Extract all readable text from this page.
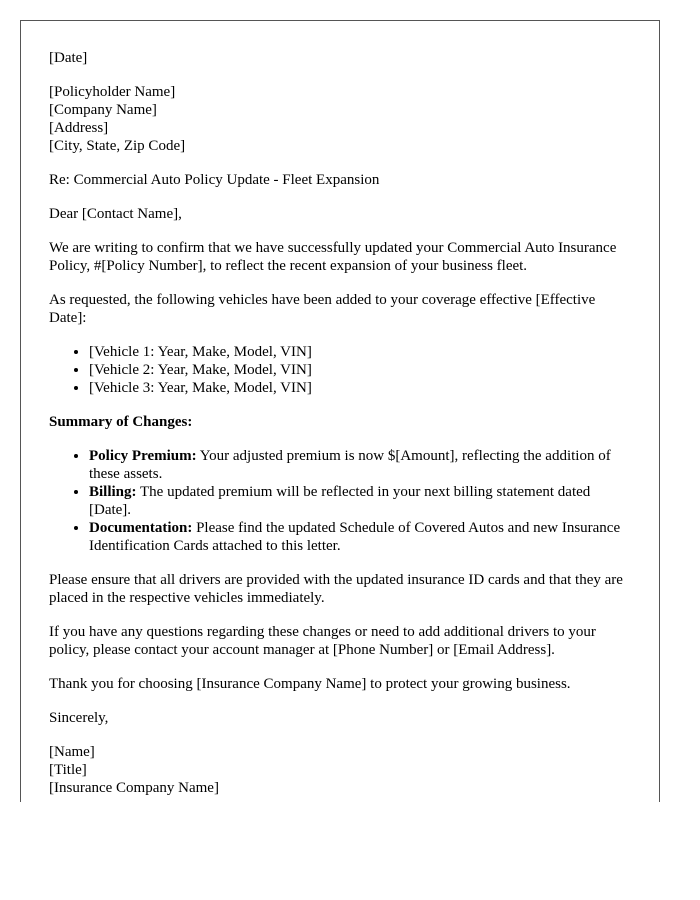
[Date]
[Policyholder Name]
[Company Name]
[Address]
[City, State, Zip Code]

Re: Commercial Auto Policy Update - Fleet Expansion

Dear [Contact Name],

We are writing to confirm that we have successfully updated your Commercial Auto Insurance Policy, #[Policy Number], to reflect the recent expansion of your business fleet.

As requested, the following vehicles have been added to your coverage effective [Effective Date]:

• [Vehicle 1: Year, Make, Model, VIN]
• [Vehicle 2: Year, Make, Model, VIN]
• [Vehicle 3: Year, Make, Model, VIN]

Summary of Changes:

• Policy Premium: Your adjusted premium is now $[Amount], reflecting the addition of these assets.
• Billing: The updated premium will be reflected in your next billing statement dated [Date].
• Documentation: Please find the updated Schedule of Covered Autos and new Insurance Identification Cards attached to this letter.

Please ensure that all drivers are provided with the updated insurance ID cards and that they are placed in the respective vehicles immediately.

If you have any questions regarding these changes or need to add additional drivers to your policy, please contact your account manager at [Phone Number] or [Email Address].

Thank you for choosing [Insurance Company Name] to protect your growing business.

Sincerely,

[Name]
[Title]
[Insurance Company Name]
